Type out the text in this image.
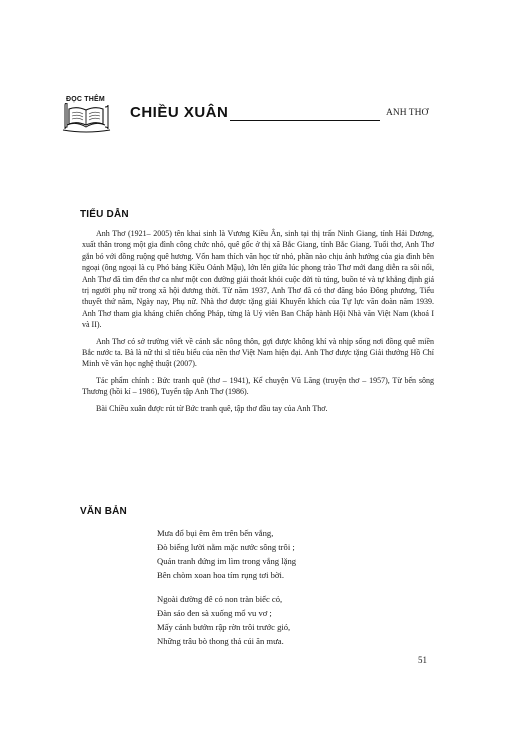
ĐỌC THÊM
CHIỀU XUÂN	ANH THƠ
TIỂU DẪN

Anh Thơ (1921– 2005) tên khai sinh là Vương Kiều Ân, sinh tại thị trấn Ninh Giang, tỉnh Hải Dương, xuất thân trong một gia đình công chức nhỏ, quê gốc ở thị xã Bắc Giang, tỉnh Bắc Giang. Tuổi thơ, Anh Thơ gắn bó với đồng ruộng quê hương. Vốn ham thích văn học từ nhỏ, phần nào chịu ảnh hưởng của gia đình bên ngoại (ông ngoại là cụ Phó bảng Kiều Oánh Mậu), lớn lên giữa lúc phong trào Thơ mới đang diễn ra sôi nổi, Anh Thơ đã tìm đến thơ ca như một con đường giải thoát khỏi cuộc đời tù túng, buồn tẻ và tự khẳng định giá trị người phụ nữ trong xã hội đương thời. Từ năm 1937, Anh Thơ đã có thơ đăng báo Đông phương, Tiểu thuyết thứ năm, Ngày nay, Phụ nữ. Nhà thơ được tặng giải Khuyến khích của Tự lực văn đoàn năm 1939. Anh Thơ tham gia kháng chiến chống Pháp, từng là Uỷ viên Ban Chấp hành Hội Nhà văn Việt Nam (khoá I và II).

Anh Thơ có sở trường viết về cảnh sắc nông thôn, gợi được không khí và nhịp sống nơi đồng quê miền Bắc nước ta. Bà là nữ thi sĩ tiêu biểu của nền thơ Việt Nam hiện đại. Anh Thơ được tặng Giải thưởng Hồ Chí Minh về văn học nghệ thuật (2007).

Tác phẩm chính : Bức tranh quê (thơ – 1941), Kể chuyện Vũ Lăng (truyện thơ – 1957), Từ bến sông Thương (hồi kí – 1986), Tuyển tập Anh Thơ (1986).

Bài Chiều xuân được rút từ Bức tranh quê, tập thơ đầu tay của Anh Thơ.

VĂN BẢN
Mưa đổ bụi êm êm trên bến vắng,
Đò biếng lười nằm mặc nước sông trôi ;
Quán tranh đứng im lìm trong vắng lặng
Bên chòm xoan hoa tím rụng tơi bời.
Ngoài đường đê cỏ non tràn biếc cỏ,
Đàn sáo đen sà xuống mổ vu vơ ;
Mấy cánh bướm rập rờn trôi trước gió,
Những trâu bò thong thả cúi ăn mưa.
51
